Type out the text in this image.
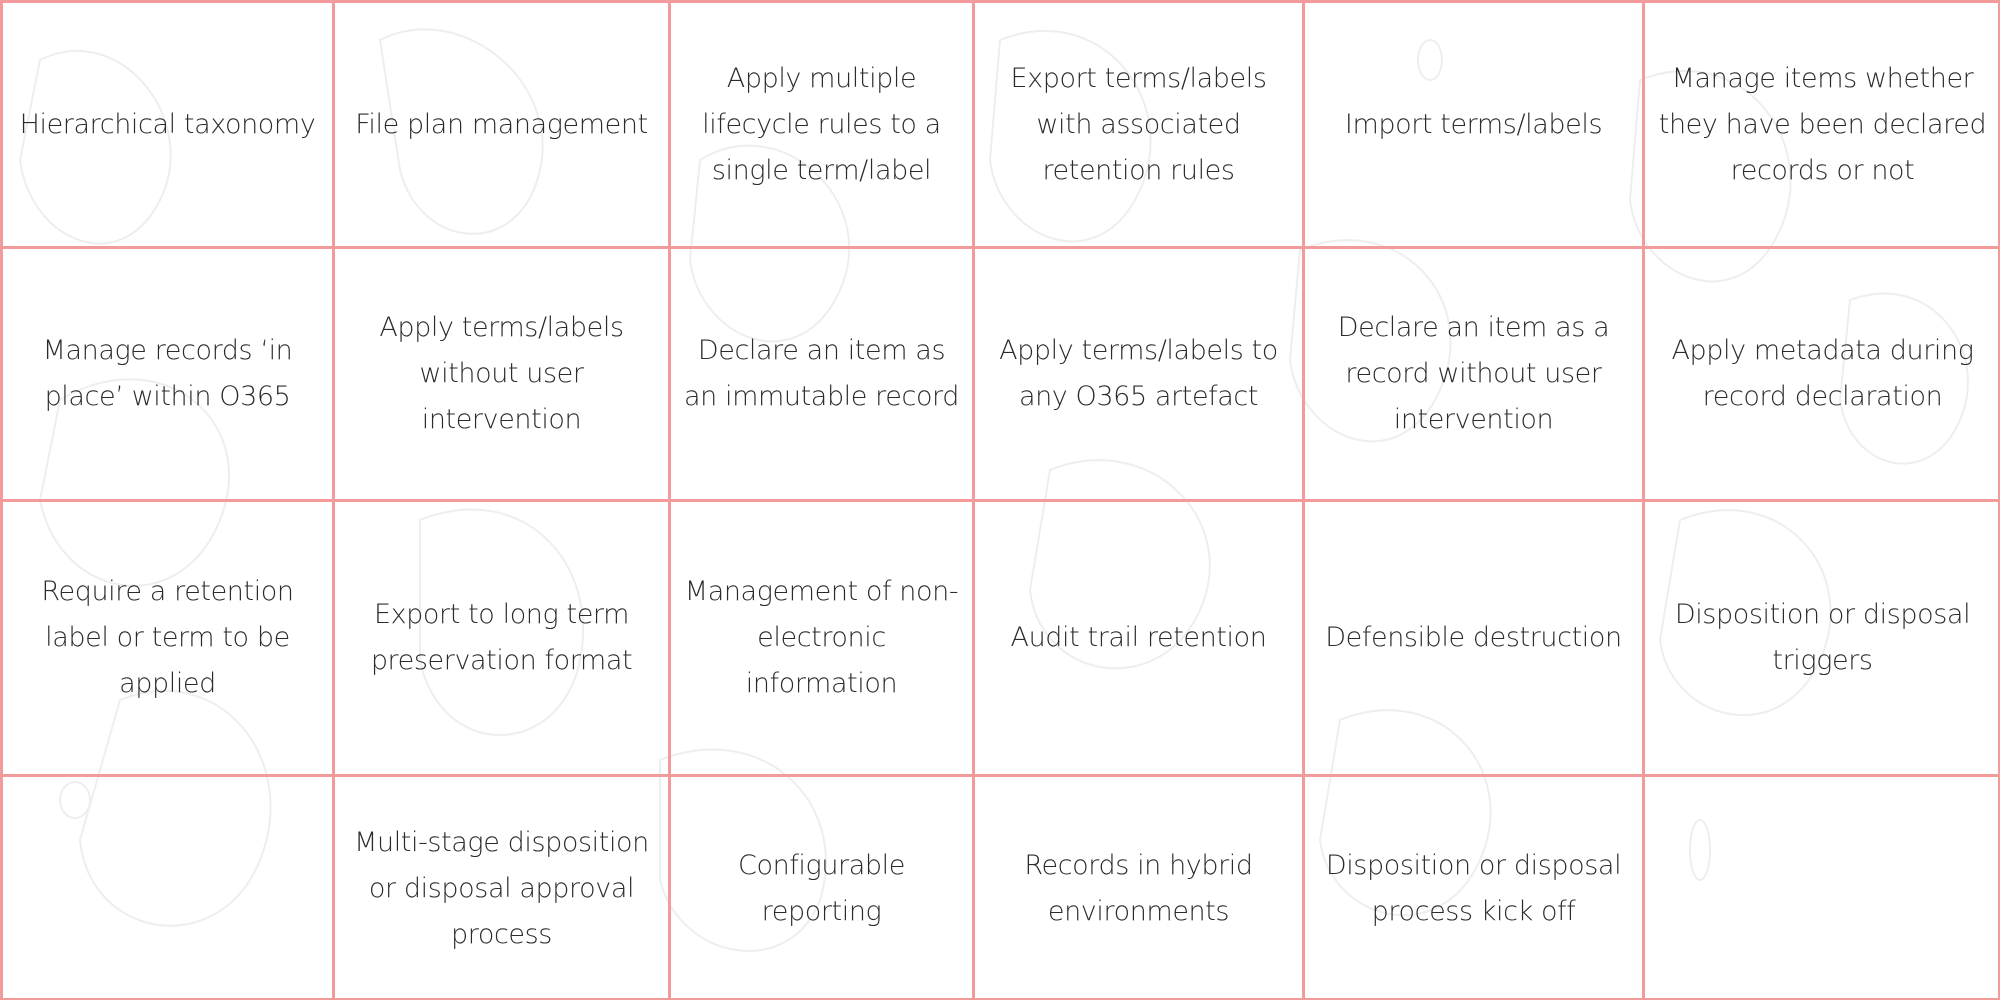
Hierarchical taxonomy File plan management
Apply multiple lifecycle rules to a single term/label
Export terms/labels with associated retention rules
Import terms/labels
Manage items whether they have been declared records or not
Manage records ‘in place’ within O365
Apply terms/labels without user intervention
Declare an item as an immutable record
Apply terms/labels to any O365 artefact
Declare an item as a record without user intervention
Apply metadata during record declaration
Require a retention label or term to be applied
Export to long term preservation format
Management of non-electronic information
Audit trail retention Defensible destruction
Disposition or disposal triggers
Multi-stage disposition or disposal approval process
Configurable reporting
Records in hybrid environments
Disposition or disposal process kick off
